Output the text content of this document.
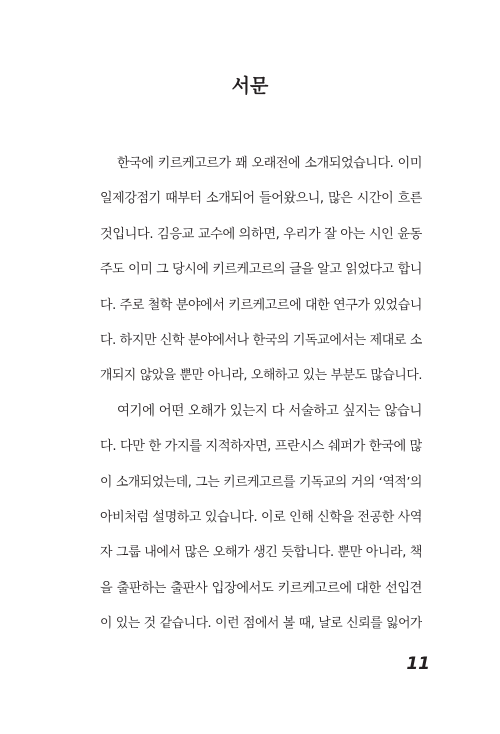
서문
한국에 키르케고르가 꽤 오래전에 소개되었습니다. 이미
일제강점기 때부터 소개되어 들어왔으니, 많은 시간이 흐른
것입니다. 김응교 교수에 의하면, 우리가 잘 아는 시인 윤동
주도 이미 그 당시에 키르케고르의 글을 알고 읽었다고 합니
다. 주로 철학 분야에서 키르케고르에 대한 연구가 있었습니
다. 하지만 신학 분야에서나 한국의 기독교에서는 제대로 소
개되지 않았을 뿐만 아니라, 오해하고 있는 부분도 많습니다.
여기에 어떤 오해가 있는지 다 서술하고 싶지는 않습니
다. 다만 한 가지를 지적하자면, 프란시스 쉐퍼가 한국에 많
이 소개되었는데, 그는 키르케고르를 기독교의 거의 ‘역적’의
아비처럼 설명하고 있습니다. 이로 인해 신학을 전공한 사역
자 그룹 내에서 많은 오해가 생긴 듯합니다. 뿐만 아니라, 책
을 출판하는 출판사 입장에서도 키르케고르에 대한 선입견
이 있는 것 같습니다. 이런 점에서 볼 때, 날로 신뢰를 잃어가
11
